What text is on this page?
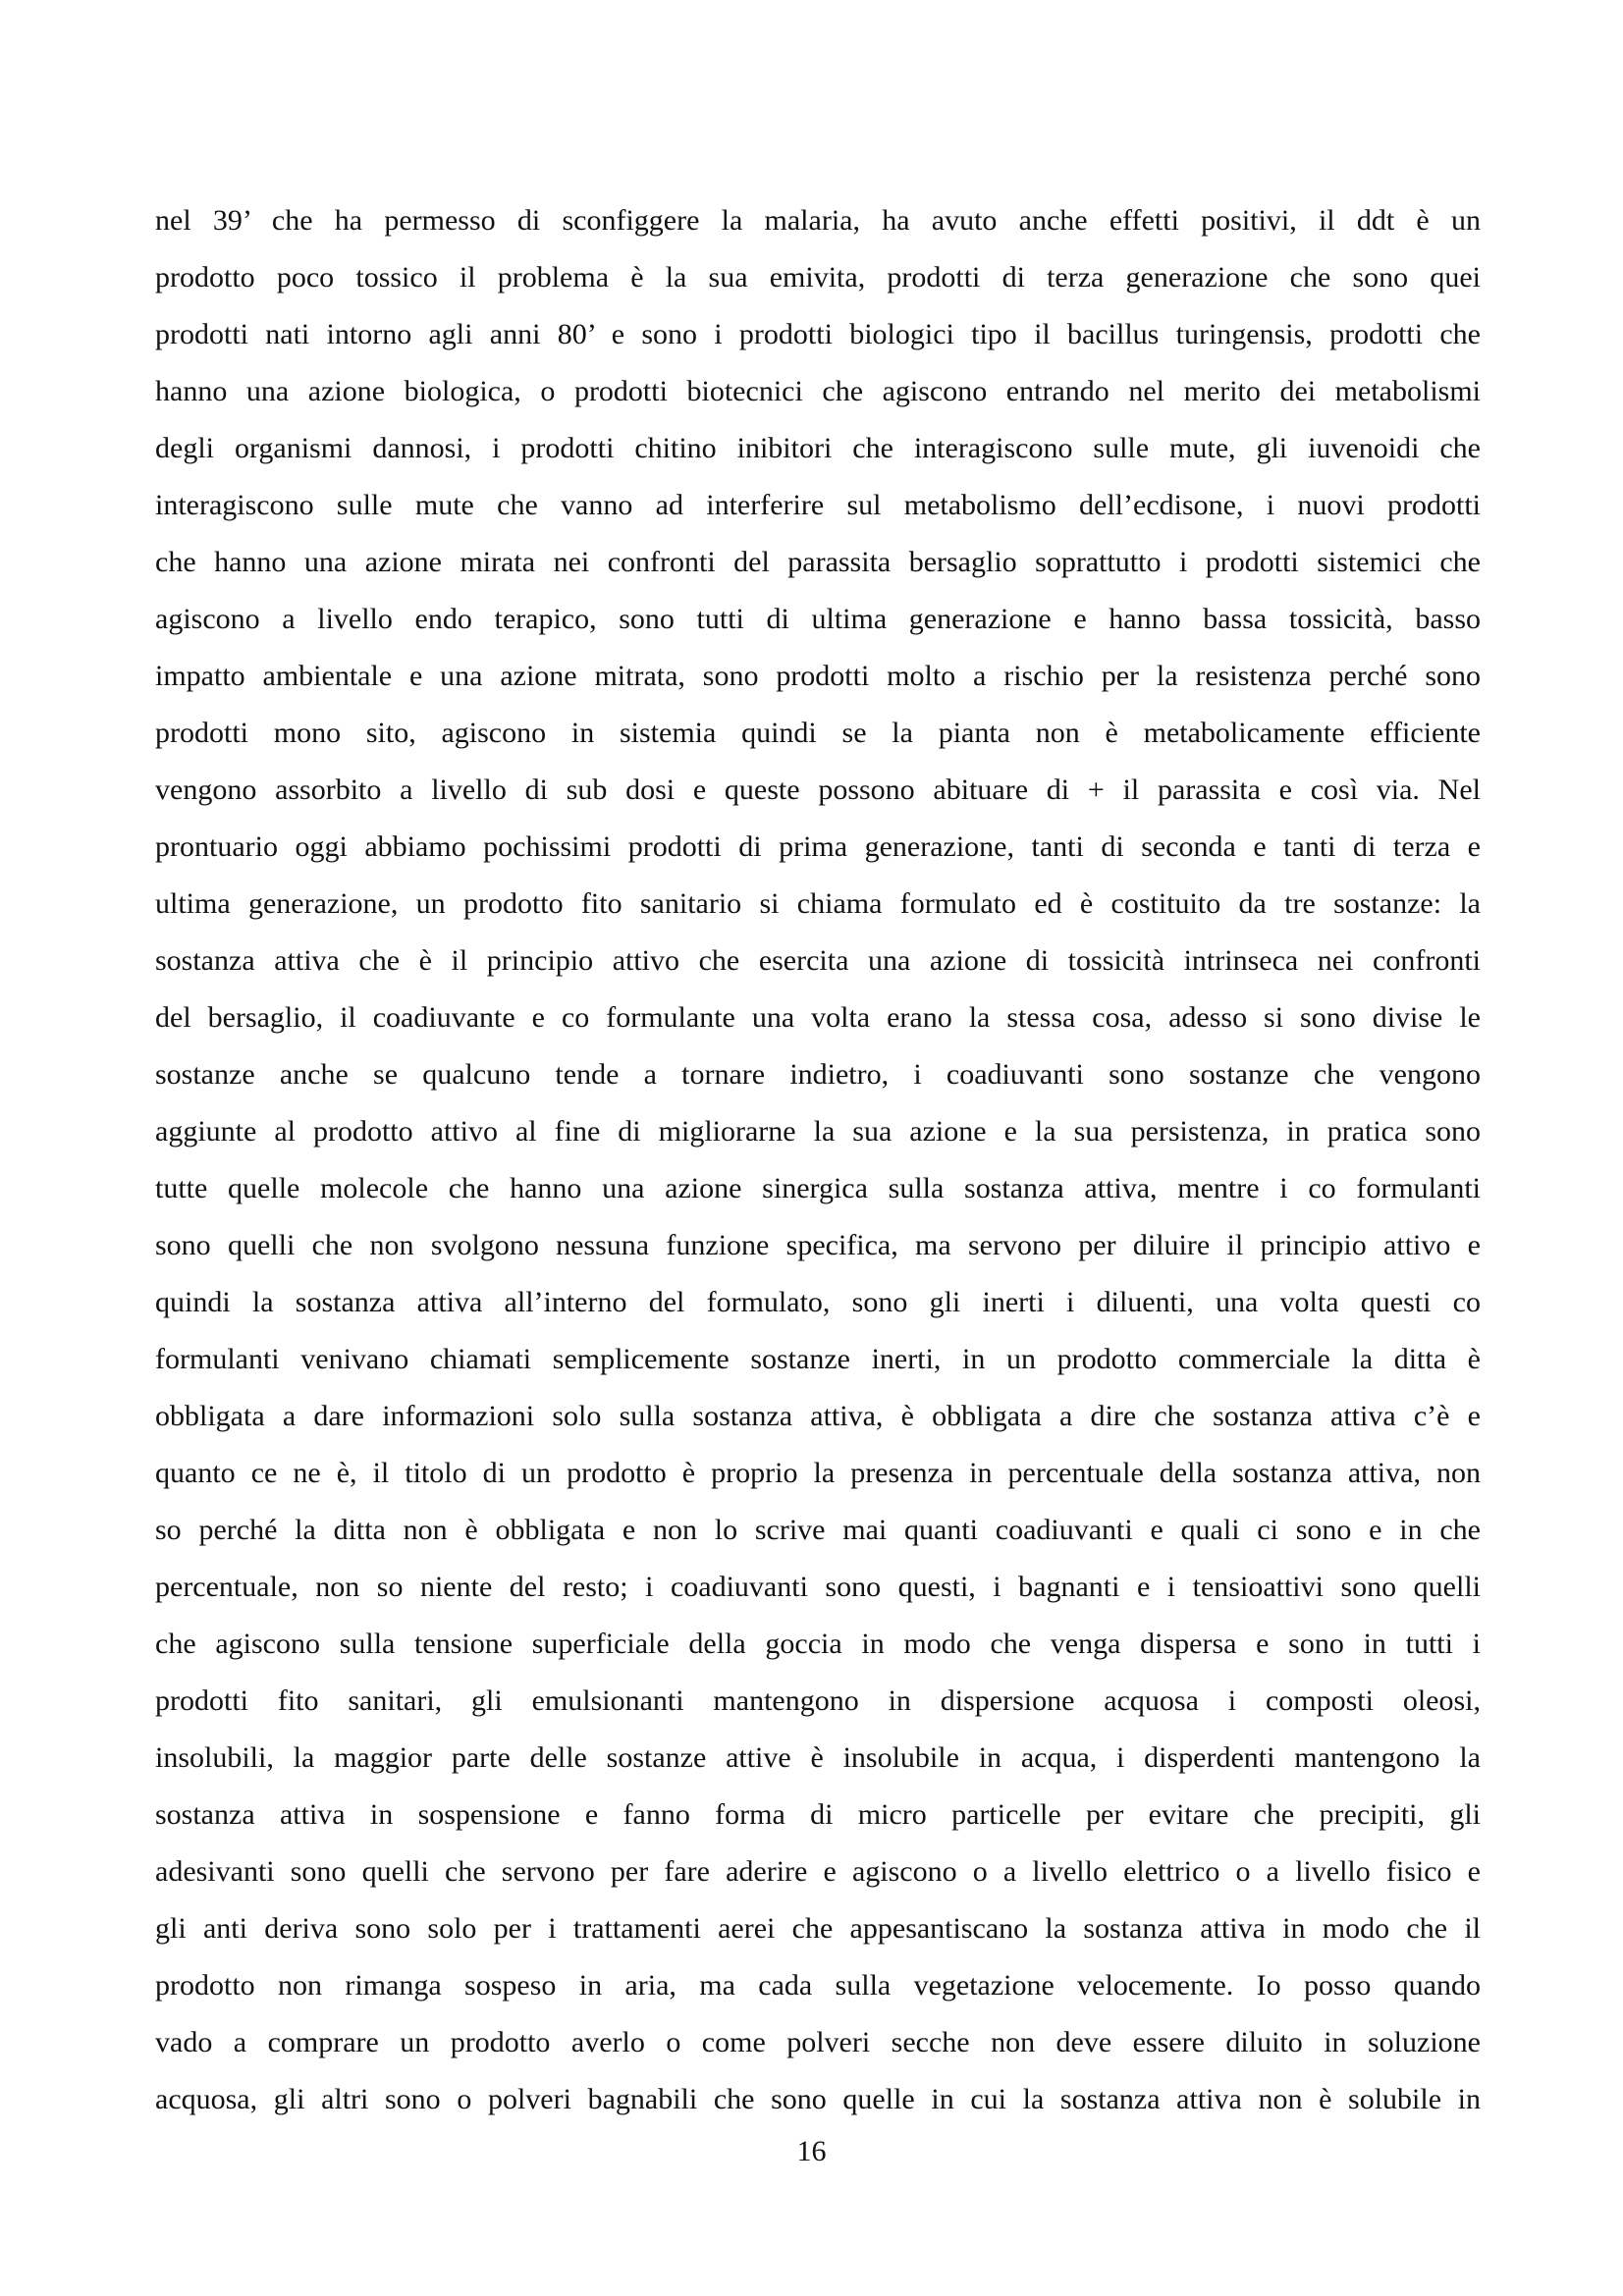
nel 39’ che ha permesso di sconfiggere la malaria, ha avuto anche effetti positivi, il ddt è un
prodotto poco tossico il problema è la sua emivita, prodotti di terza generazione che sono quei
prodotti nati intorno agli anni 80’ e sono i prodotti biologici tipo il bacillus turingensis, prodotti che
hanno una azione biologica, o prodotti biotecnici che agiscono entrando nel merito dei metabolismi
degli organismi dannosi, i prodotti chitino inibitori che interagiscono sulle mute, gli iuvenoidi che
interagiscono sulle mute che vanno ad interferire sul metabolismo dell’ecdisone, i nuovi prodotti
che hanno una azione mirata nei confronti del parassita bersaglio soprattutto i prodotti sistemici che
agiscono a livello endo terapico, sono tutti di ultima generazione e hanno bassa tossicità, basso
impatto ambientale e una azione mitrata, sono prodotti molto a rischio per la resistenza perché sono
prodotti mono sito, agiscono in sistemia quindi se la pianta non è metabolicamente efficiente
vengono assorbito a livello di sub dosi e queste possono abituare di + il parassita e così via. Nel
prontuario oggi abbiamo pochissimi prodotti di prima generazione, tanti di seconda e tanti di terza e
ultima generazione, un prodotto fito sanitario si chiama formulato ed è costituito da tre sostanze: la
sostanza attiva che è il principio attivo che esercita una azione di tossicità intrinseca nei confronti
del bersaglio, il coadiuvante e co formulante una volta erano la stessa cosa, adesso si sono divise le
sostanze anche se qualcuno tende a tornare indietro, i coadiuvanti sono sostanze che vengono
aggiunte al prodotto attivo al fine di migliorarne la sua azione e la sua persistenza, in pratica sono
tutte quelle molecole che hanno una azione sinergica sulla sostanza attiva, mentre i co formulanti
sono quelli che non svolgono nessuna funzione specifica, ma servono per diluire il principio attivo e
quindi la sostanza attiva all’interno del formulato, sono gli inerti i diluenti, una volta questi co
formulanti venivano chiamati semplicemente sostanze inerti, in un prodotto commerciale la ditta è
obbligata a dare informazioni solo sulla sostanza attiva, è obbligata a dire che sostanza attiva c’è e
quanto ce ne è, il titolo di un prodotto è proprio la presenza in percentuale della sostanza attiva, non
so perché la ditta non è obbligata e non lo scrive mai quanti coadiuvanti e quali ci sono e in che
percentuale, non so niente del resto; i coadiuvanti sono questi, i bagnanti e i tensioattivi sono quelli
che agiscono sulla tensione superficiale della goccia in modo che venga dispersa e sono in tutti i
prodotti fito sanitari, gli emulsionanti mantengono in dispersione acquosa i composti oleosi,
insolubili, la maggior parte delle sostanze attive è insolubile in acqua, i disperdenti mantengono la
sostanza attiva in sospensione e fanno forma di micro particelle per evitare che precipiti, gli
adesivanti sono quelli che servono per fare aderire e agiscono o a livello elettrico o a livello fisico e
gli anti deriva sono solo per i trattamenti aerei che appesantiscano la sostanza attiva in modo che il
prodotto non rimanga sospeso in aria, ma cada sulla vegetazione velocemente. Io posso quando
vado a comprare un prodotto averlo o come polveri secche non deve essere diluito in soluzione
acquosa, gli altri sono o polveri bagnabili che sono quelle in cui la sostanza attiva non è solubile in
16
